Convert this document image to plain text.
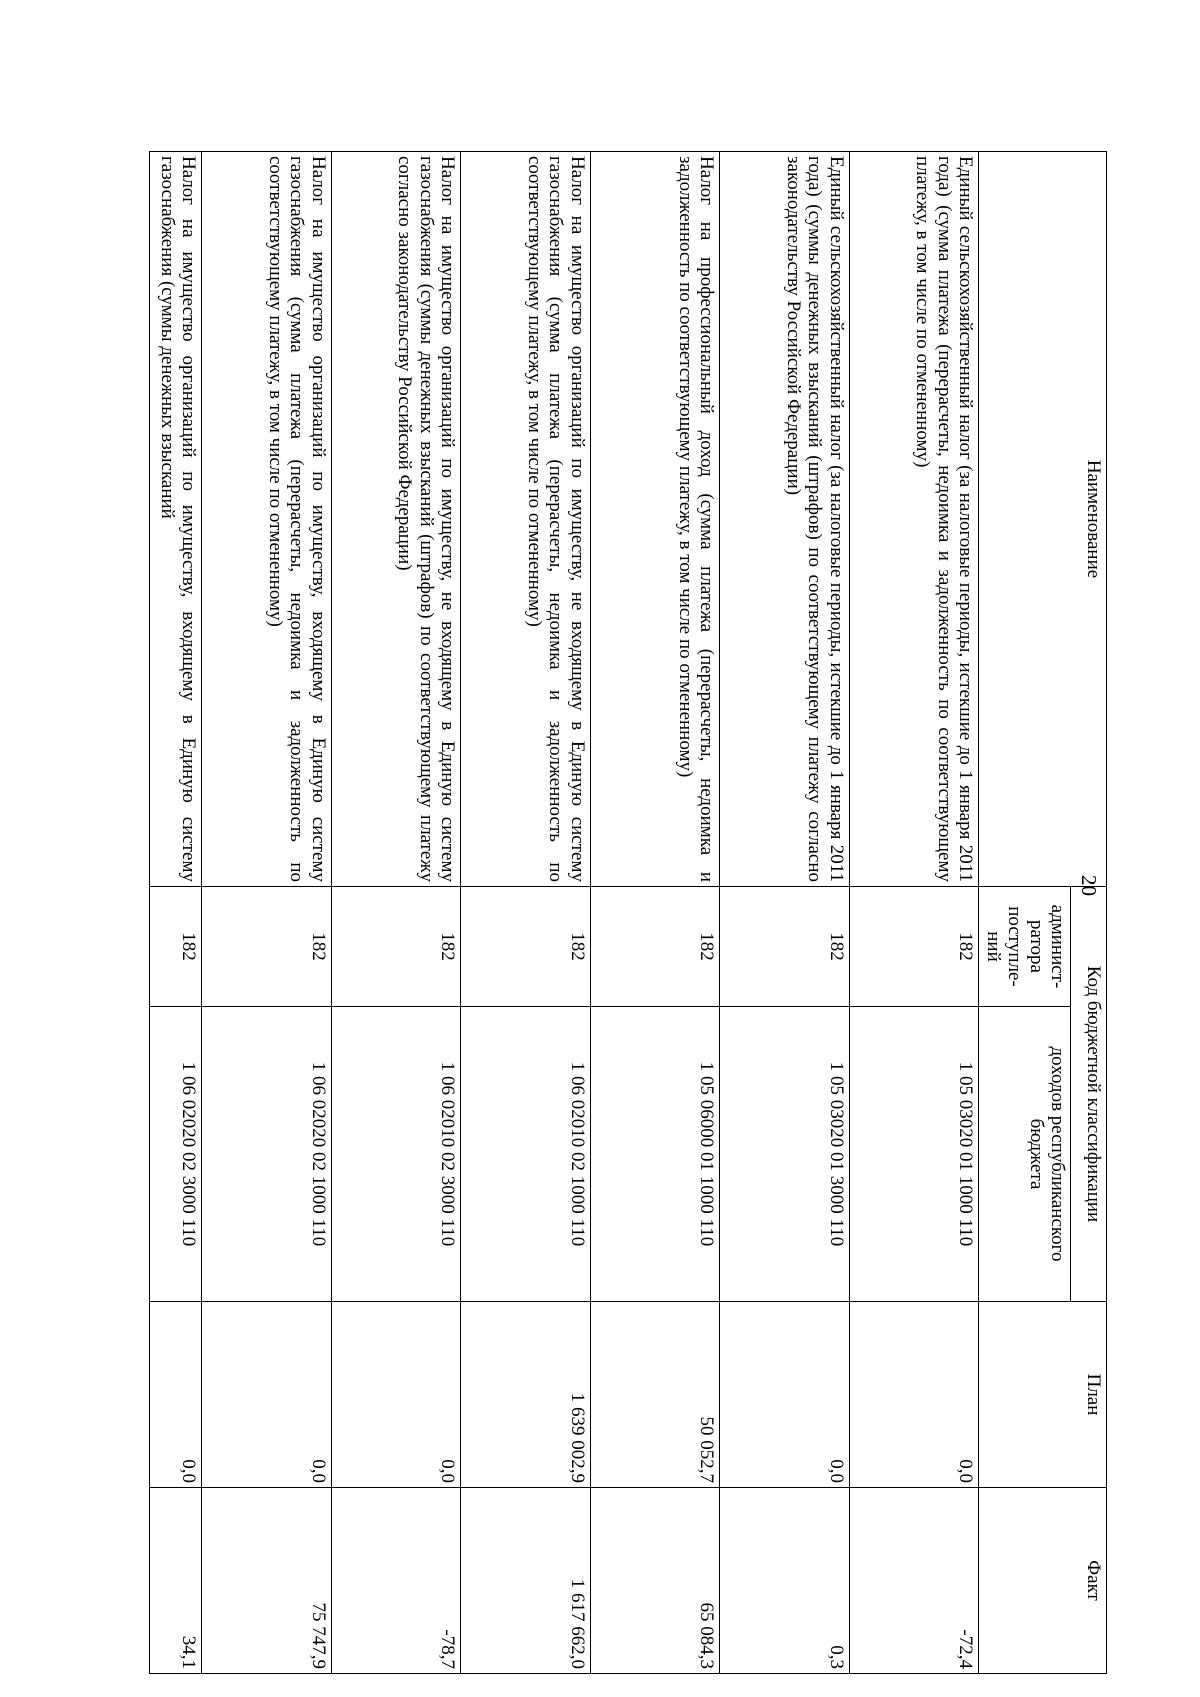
20
Наименование	Код бюджетной классификации		План	Факт
	админист-ратора поступле-ний	доходов республиканского бюджета		
Единый сельскохозяйственный налог (за налоговые периоды, истекшие до 1 января 2011 года) (сумма платежа (перерасчеты, недоимка и задолженность по соответствующему платежу, в том числе по отмененному)	182	1 05 03020 01 1000 110	0,0	-72,4
Единый сельскохозяйственный налог (за налоговые периоды, истекшие до 1 января 2011 года) (суммы денежных взысканий (штрафов) по соответствующему платежу согласно законодательству Российской Федерации)	182	1 05 03020 01 3000 110	0,0	0,3
Налог на профессиональный доход (сумма платежа (перерасчеты, недоимка и задолженность по соответствующему платежу, в том числе по отмененному)	182	1 05 06000 01 1000 110	50 052,7	65 084,3
Налог на имущество организаций по имуществу, не входящему в Единую систему газоснабжения (сумма платежа (перерасчеты, недоимка и задолженность по соответствующему платежу, в том числе по отмененному)	182	1 06 02010 02 1000 110	1 639 002,9	1 617 662,0
Налог на имущество организаций по имуществу, не входящему в Единую систему газоснабжения (суммы денежных взысканий (штрафов) по соответствующему платежу согласно законодательству Российской Федерации)	182	1 06 02010 02 3000 110	0,0	-78,7
Налог на имущество организаций по имуществу, входящему в Единую систему газоснабжения (сумма платежа (перерасчеты, недоимка и задолженность по соответствующему платежу, в том числе по отмененному)	182	1 06 02020 02 1000 110	0,0	75 747,9
Налог на имущество организаций по имуществу, входящему в Единую систему газоснабжения (суммы денежных взысканий	182	1 06 02020 02 3000 110	0,0	34,1
